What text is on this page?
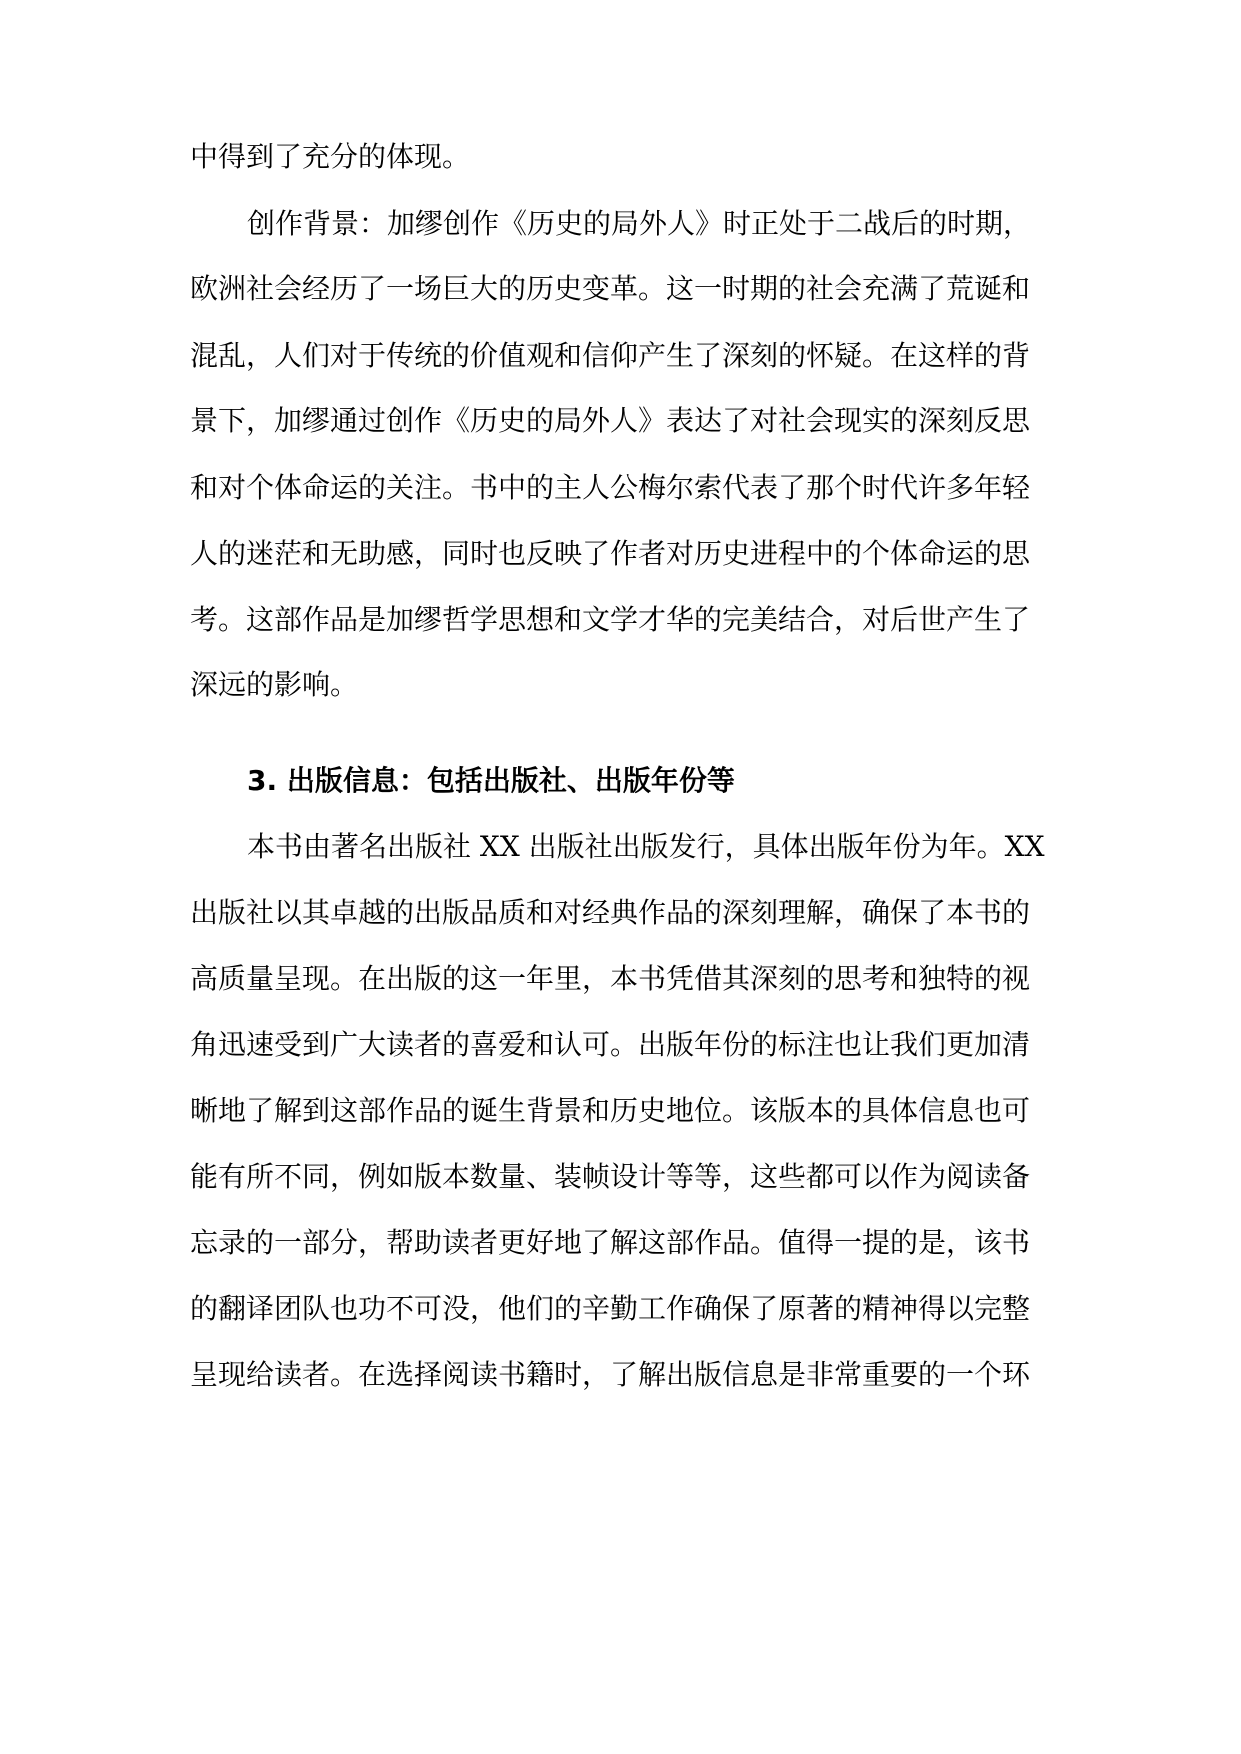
中得到了充分的体现。
创作背景：加缪创作《历史的局外人》时正处于二战后的时期，
欧洲社会经历了一场巨大的历史变革。这一时期的社会充满了荒诞和
混乱，人们对于传统的价值观和信仰产生了深刻的怀疑。在这样的背
景下，加缪通过创作《历史的局外人》表达了对社会现实的深刻反思
和对个体命运的关注。书中的主人公梅尔索代表了那个时代许多年轻
人的迷茫和无助感，同时也反映了作者对历史进程中的个体命运的思
考。这部作品是加缪哲学思想和文学才华的完美结合，对后世产生了
深远的影响。
3. 出版信息：包括出版社、出版年份等
本书由著名出版社 XX 出版社出版发行，具体出版年份为年。XX
出版社以其卓越的出版品质和对经典作品的深刻理解，确保了本书的
高质量呈现。在出版的这一年里，本书凭借其深刻的思考和独特的视
角迅速受到广大读者的喜爱和认可。出版年份的标注也让我们更加清
晰地了解到这部作品的诞生背景和历史地位。该版本的具体信息也可
能有所不同，例如版本数量、装帧设计等等，这些都可以作为阅读备
忘录的一部分，帮助读者更好地了解这部作品。值得一提的是，该书
的翻译团队也功不可没，他们的辛勤工作确保了原著的精神得以完整
呈现给读者。在选择阅读书籍时，了解出版信息是非常重要的一个环
